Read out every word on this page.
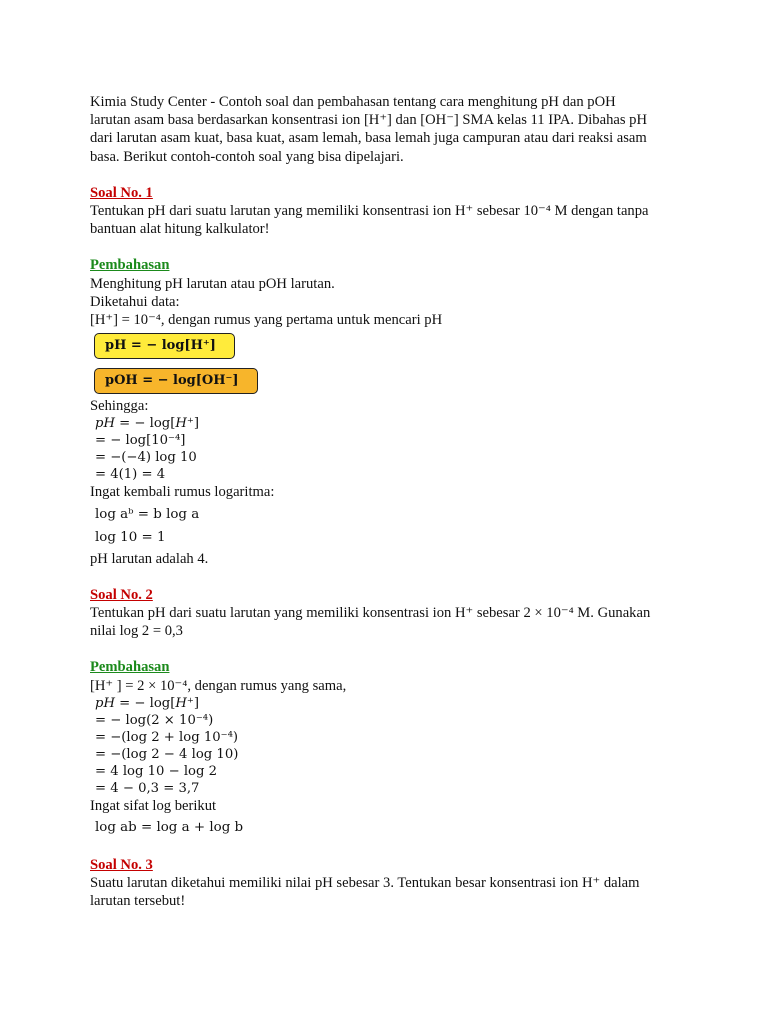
Kimia Study Center - Contoh soal dan pembahasan tentang cara menghitung pH dan pOH

larutan asam basa berdasarkan konsentrasi ion [H⁺] dan [OH⁻] SMA kelas 11 IPA. Dibahas pH

dari larutan asam kuat, basa kuat, asam lemah, basa lemah juga campuran atau dari reaksi asam

basa. Berikut contoh-contoh soal yang bisa dipelajari.

Soal No. 1

Tentukan pH dari suatu larutan yang memiliki konsentrasi ion H⁺ sebesar 10⁻⁴ M dengan tanpa

bantuan alat hitung kalkulator!

Pembahasan

Menghitung pH larutan atau pOH larutan.

Diketahui data:

[H⁺] = 10⁻⁴, dengan rumus yang pertama untuk mencari pH

pH = − log[H⁺]
pOH = − log[OH⁻]

Sehingga:

𝑝𝐻 = − log[𝐻⁺]
= − log[10⁻⁴]
= −(−4) log 10
= 4(1) = 4

Ingat kembali rumus logaritma:

log aᵇ = b log a
log 10 = 1

pH larutan adalah 4.

Soal No. 2

Tentukan pH dari suatu larutan yang memiliki konsentrasi ion H⁺ sebesar 2 × 10⁻⁴ M. Gunakan

nilai log 2 = 0,3

Pembahasan

[H⁺ ] = 2 × 10⁻⁴, dengan rumus yang sama,

𝑝𝐻 = − log[𝐻⁺]
= − log(2 × 10⁻⁴)
= −(log 2 + log 10⁻⁴)
= −(log 2 − 4 log 10)
= 4 log 10 − log 2
= 4 − 0,3 = 3,7

Ingat sifat log berikut

log ab = log a + log b

Soal No. 3

Suatu larutan diketahui memiliki nilai pH sebesar 3. Tentukan besar konsentrasi ion H⁺ dalam

larutan tersebut!
